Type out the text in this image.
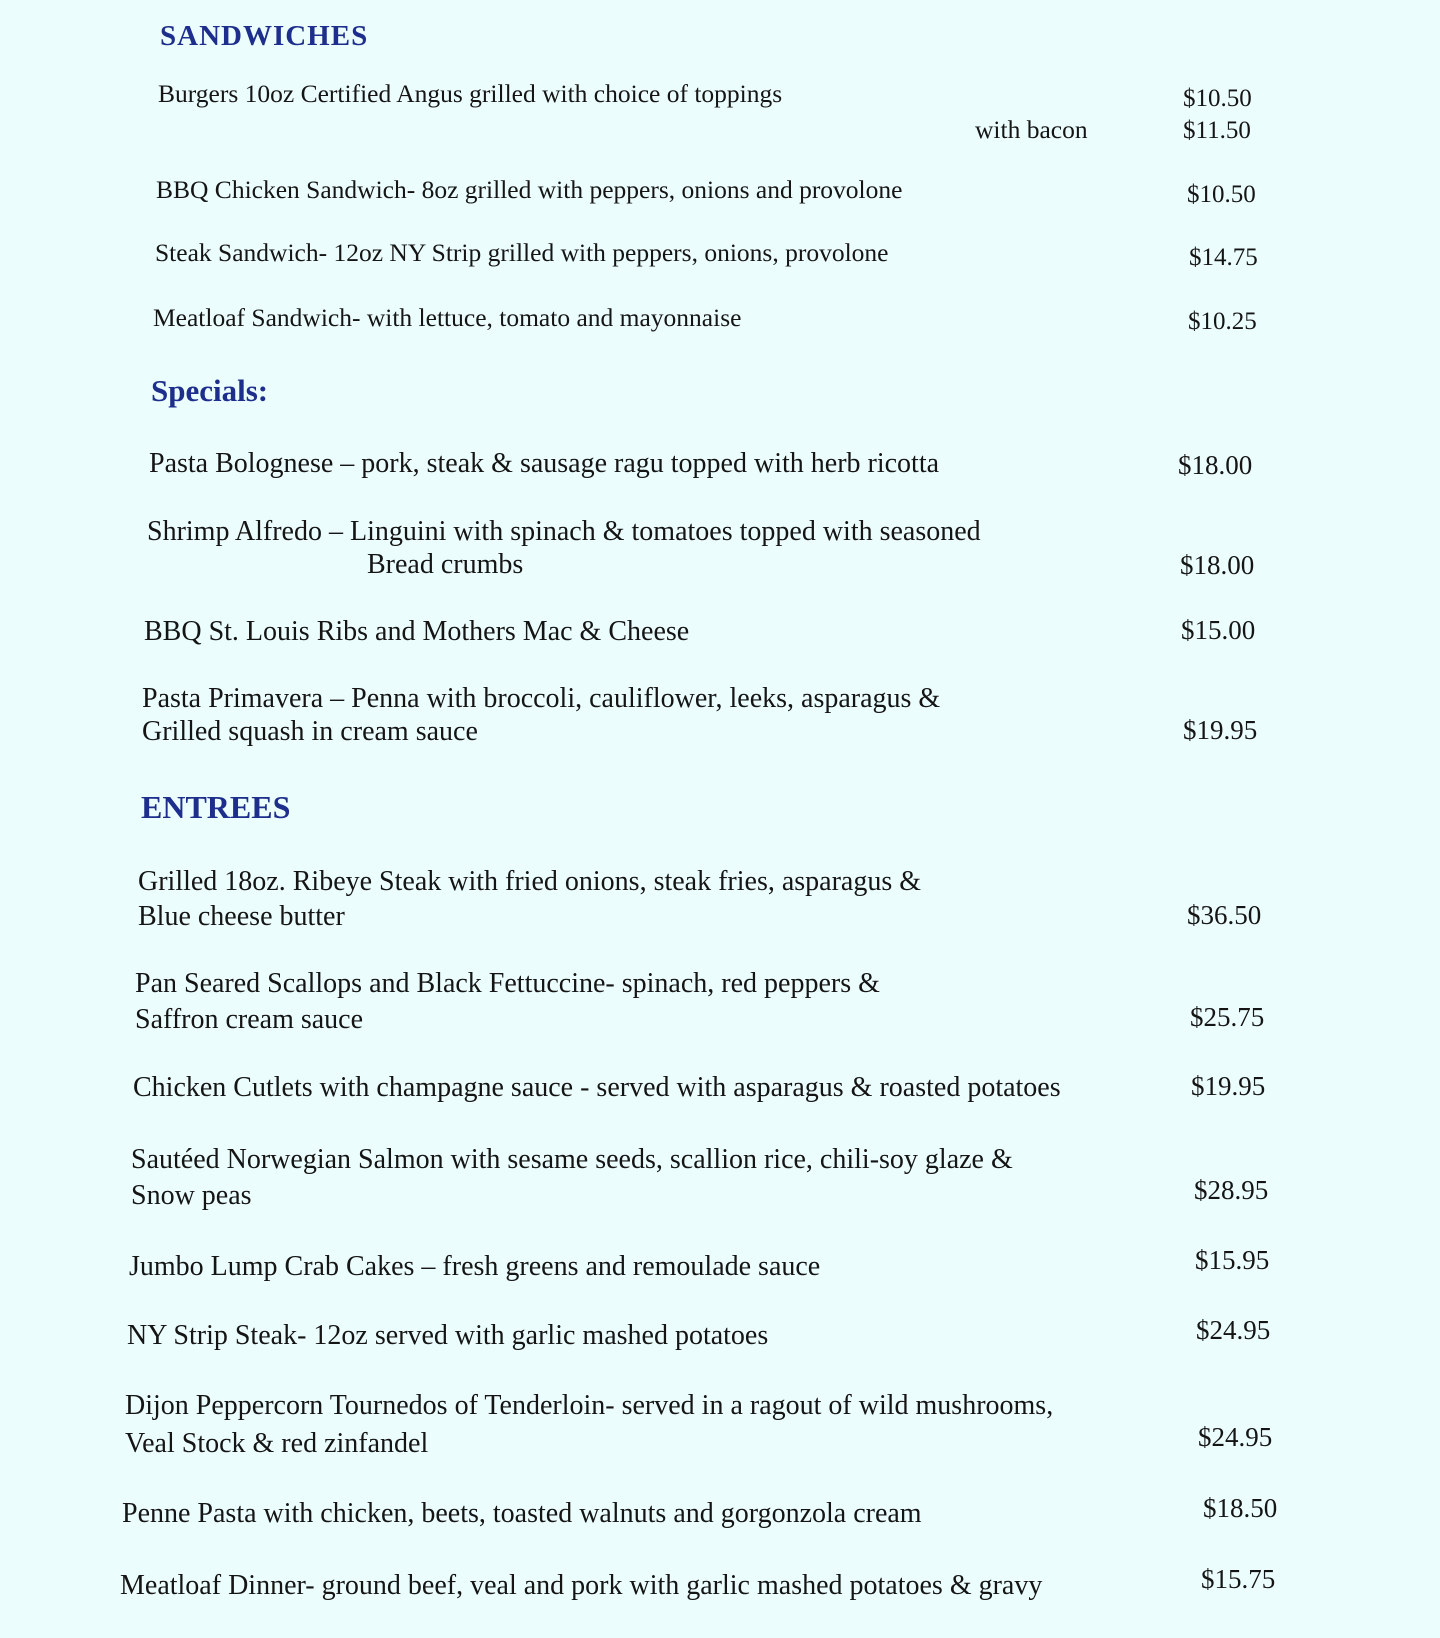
SANDWICHES
Burgers 10oz Certified Angus grilled with choice of toppings	$10.50
with bacon	$11.50
BBQ Chicken Sandwich- 8oz grilled with peppers, onions and provolone	$10.50
Steak Sandwich- 12oz NY Strip grilled with peppers, onions, provolone	$14.75
Meatloaf Sandwich- with lettuce, tomato and mayonnaise	$10.25
Specials:
Pasta Bolognese – pork, steak & sausage ragu topped with herb ricotta	$18.00
Shrimp Alfredo – Linguini with spinach & tomatoes topped with seasoned
Bread crumbs	$18.00
BBQ St. Louis Ribs and Mothers Mac & Cheese	$15.00
Pasta Primavera – Penna with broccoli, cauliflower, leeks, asparagus &
Grilled squash in cream sauce	$19.95
ENTREES
Grilled 18oz. Ribeye Steak with fried onions, steak fries, asparagus &
Blue cheese butter	$36.50
Pan Seared Scallops and Black Fettuccine- spinach, red peppers &
Saffron cream sauce	$25.75
Chicken Cutlets with champagne sauce - served with asparagus & roasted potatoes	$19.95
Sautéed Norwegian Salmon with sesame seeds, scallion rice, chili-soy glaze &
Snow peas	$28.95
Jumbo Lump Crab Cakes – fresh greens and remoulade sauce	$15.95
NY Strip Steak- 12oz served with garlic mashed potatoes	$24.95
Dijon Peppercorn Tournedos of Tenderloin- served in a ragout of wild mushrooms,
Veal Stock & red zinfandel	$24.95
Penne Pasta with chicken, beets, toasted walnuts and gorgonzola cream	$18.50
Meatloaf Dinner- ground beef, veal and pork with garlic mashed potatoes & gravy	$15.75
